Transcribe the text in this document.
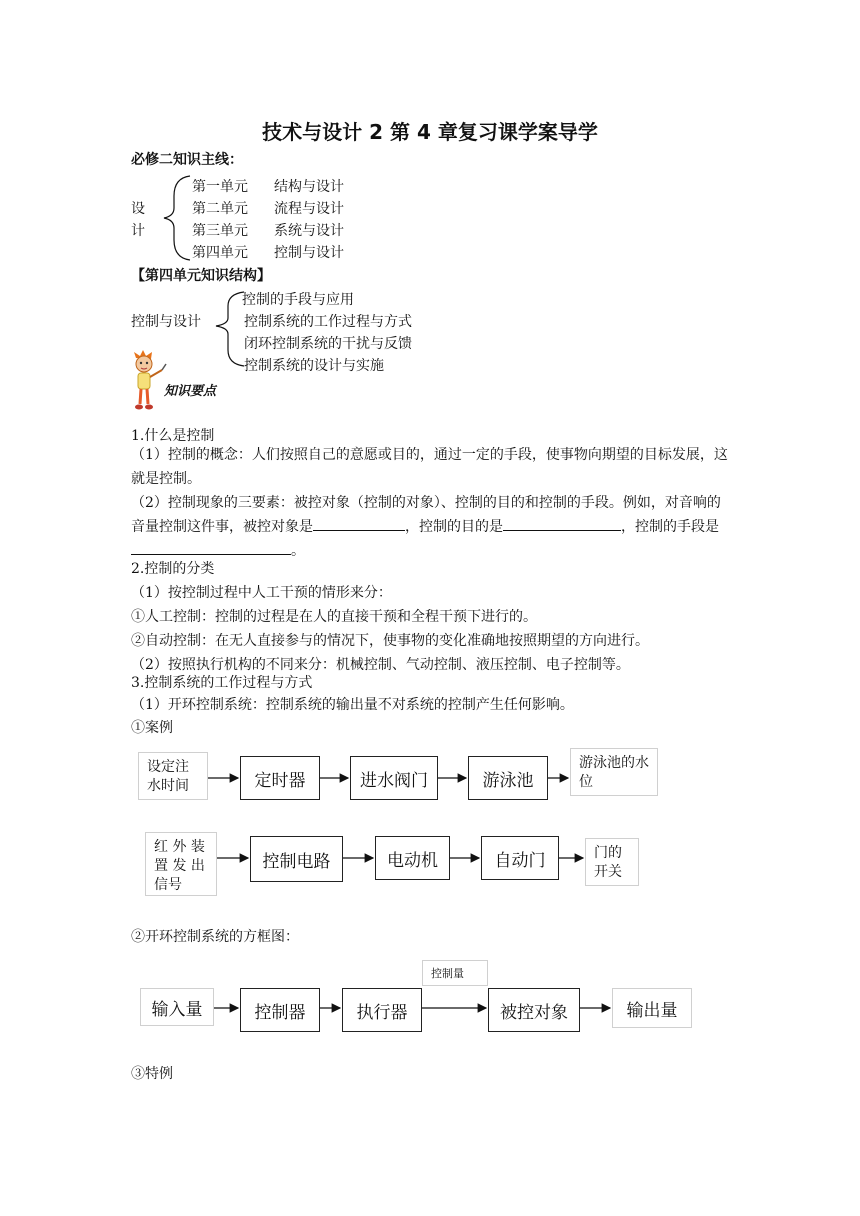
技术与设计 2 第 4 章复习课学案导学
必修二知识主线：
设
计
第一单元 结构与设计
第二单元 流程与设计
第三单元 系统与设计
第四单元 控制与设计
【第四单元知识结构】
控制与设计
控制的手段与应用
控制系统的工作过程与方式
闭环控制系统的干扰与反馈
控制系统的设计与实施
知识要点
1.什么是控制
（1）控制的概念：人们按照自己的意愿或目的，通过一定的手段，使事物向期望的目标发展，这就是控制。
（2）控制现象的三要素：被控对象（控制的对象）、控制的目的和控制的手段。例如，对音响的音量控制这件事，被控对象是	，控制的目的是	，控制的手段是。
2.控制的分类
（1）按控制过程中人工干预的情形来分：
①人工控制：控制的过程是在人的直接干预和全程干预下进行的。
②自动控制：在无人直接参与的情况下，使事物的变化准确地按照期望的方向进行。
（2）按照执行机构的不同来分：机械控制、气动控制、液压控制、电子控制等。
3.控制系统的工作过程与方式
（1）开环控制系统：控制系统的输出量不对系统的控制产生任何影响。
①案例
设定注水时间	定时器	进水阀门	游泳池
游泳池的水位
红 外 装置 发 出信号
控制电路	电动机	自动门	门的开关
②开环控制系统的方框图：
输入量	控制器	执行器
控制量
被控对象	输出量
③特例
